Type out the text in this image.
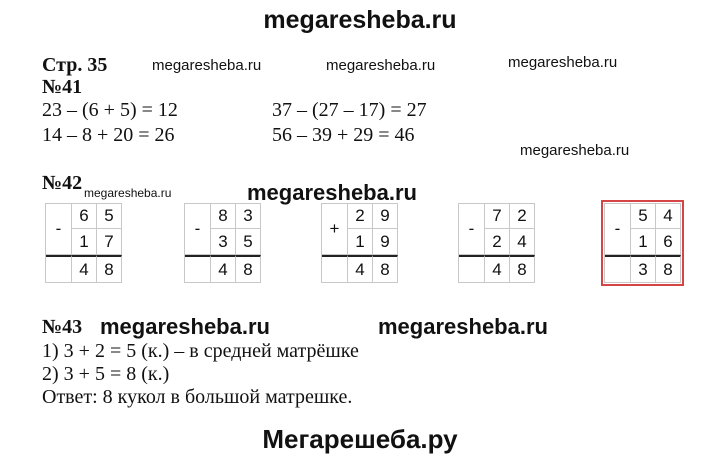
megaresheba.ru
megaresheba.ru	megaresheba.ru	megaresheba.ru
megaresheba.ru
megaresheba.ru	megaresheba.ru
megaresheba.ru	megaresheba.ru
Мегарешеба.ру
Стр. 35
№41
23 – (6 + 5) = 12	37 – (27 – 17) = 27
14 – 8 + 20 = 26	56 – 39 + 29 = 46
№42
-
6 5
1 7
4 8
-
8 3
3 5
4 8
+
2 9
1 9
4 8
-
7 2
2 4
4 8
-
5 4
1 6
3 8
№43
1) 3 + 2 = 5 (к.) – в средней матрёшке
2) 3 + 5 = 8 (к.)
Ответ: 8 кукол в большой матрешке.
